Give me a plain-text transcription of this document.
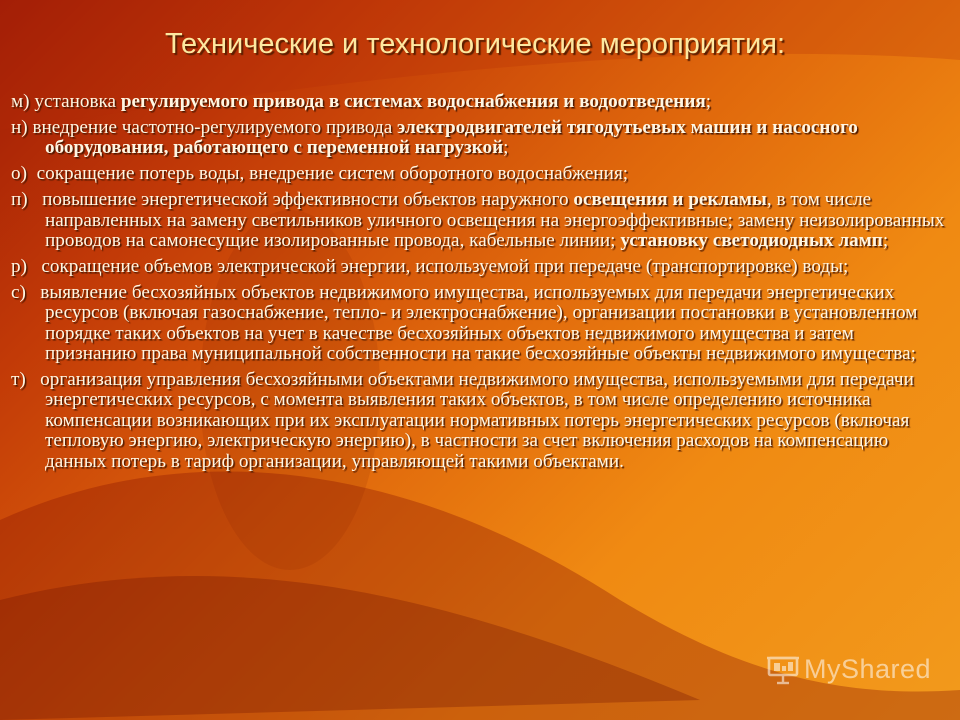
Технические и технологические мероприятия:

м) установка регулируемого привода в системах водоснабжения и водоотведения;

н) внедрение частотно-регулируемого привода электродвигателей тягодутьевых машин и насосного оборудования, работающего с переменной нагрузкой;

о)  сокращение потерь воды, внедрение систем оборотного водоснабжения;

п)   повышение энергетической эффективности объектов наружного освещения и рекламы, в том числе направленных на замену светильников уличного освещения на энергоэффективные; замену неизолированных проводов на самонесущие изолированные провода, кабельные линии; установку светодиодных ламп;

р)   сокращение объемов электрической энергии, используемой при передаче (транспортировке) воды;

с)   выявление бесхозяйных объектов недвижимого имущества, используемых для передачи энергетических ресурсов (включая газоснабжение, тепло- и электроснабжение), организации постановки в установленном порядке таких объектов на учет в качестве бесхозяйных объектов недвижимого имущества и затем признанию права муниципальной собственности на такие бесхозяйные объекты недвижимого имущества;

т)   организация управления бесхозяйными объектами недвижимого имущества, используемыми для передачи энергетических ресурсов, с момента выявления таких объектов, в том числе определению источника компенсации возникающих при их эксплуатации нормативных потерь энергетических ресурсов (включая тепловую энергию, электрическую энергию), в частности за счет включения расходов на компенсацию данных потерь в тариф организации, управляющей такими объектами.

MyShared
